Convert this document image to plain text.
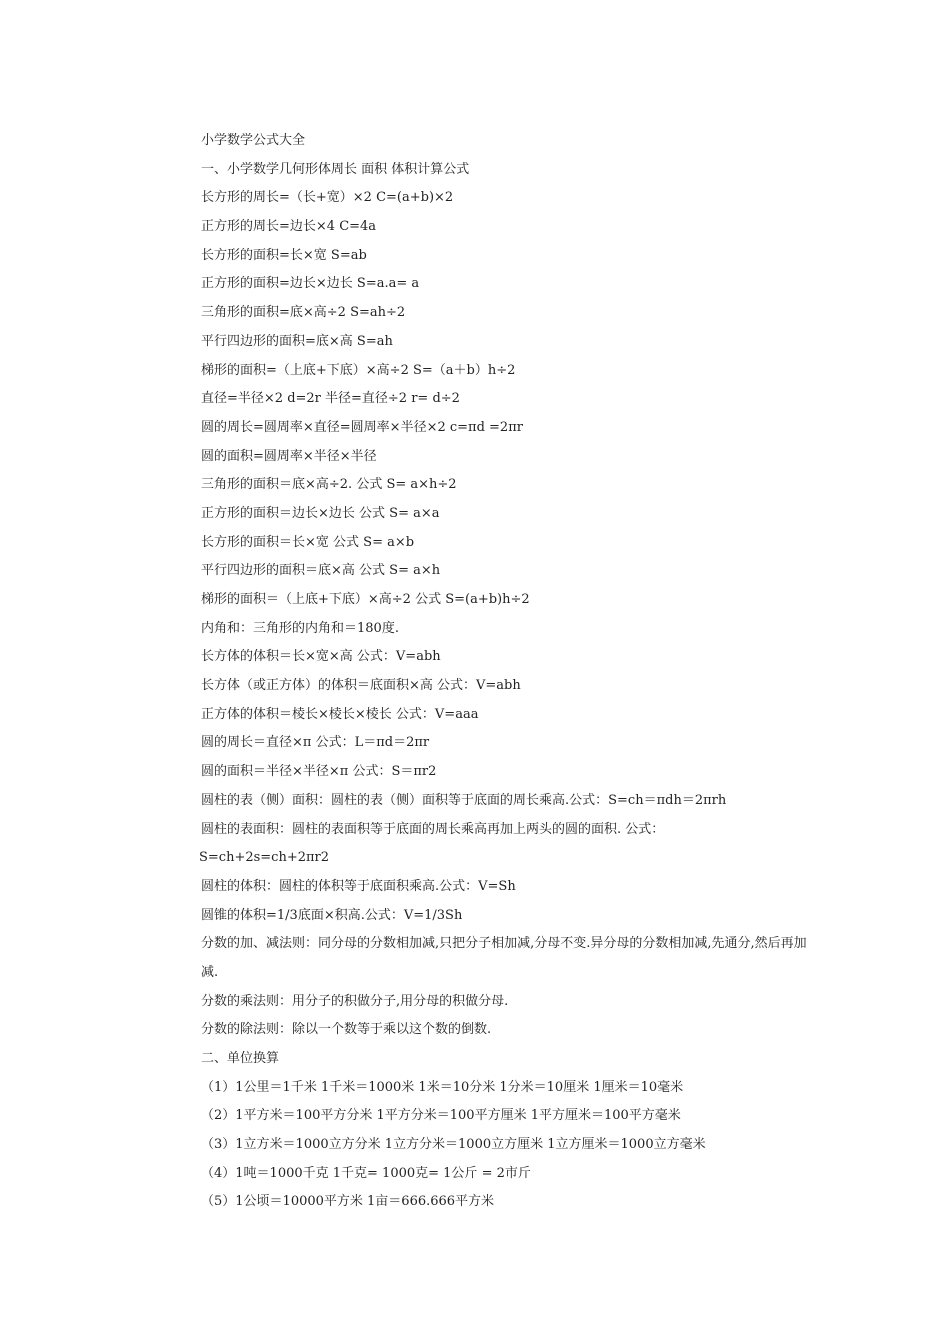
小学数学公式大全
一、小学数学几何形体周长 面积 体积计算公式
长方形的周长=（长+宽）×2 C=(a+b)×2
正方形的周长=边长×4 C=4a
长方形的面积=长×宽 S=ab
正方形的面积=边长×边长 S=a.a= a
三角形的面积=底×高÷2 S=ah÷2
平行四边形的面积=底×高 S=ah
梯形的面积=（上底+下底）×高÷2 S=（a＋b）h÷2
直径=半径×2 d=2r 半径=直径÷2 r= d÷2
圆的周长=圆周率×直径=圆周率×半径×2 c=πd =2πr
圆的面积=圆周率×半径×半径
三角形的面积＝底×高÷2. 公式 S= a×h÷2
正方形的面积＝边长×边长 公式 S= a×a
长方形的面积＝长×宽 公式 S= a×b
平行四边形的面积＝底×高 公式 S= a×h
梯形的面积＝（上底+下底）×高÷2 公式 S=(a+b)h÷2
内角和：三角形的内角和＝180度.
长方体的体积＝长×宽×高 公式：V=abh
长方体（或正方体）的体积＝底面积×高 公式：V=abh
正方体的体积＝棱长×棱长×棱长 公式：V=aaa
圆的周长＝直径×π 公式：L＝πd＝2πr
圆的面积＝半径×半径×π 公式：S＝πr2
圆柱的表（侧）面积：圆柱的表（侧）面积等于底面的周长乘高.公式：S=ch＝πdh＝2πrh
圆柱的表面积：圆柱的表面积等于底面的周长乘高再加上两头的圆的面积. 公式：
S=ch+2s=ch+2πr2
圆柱的体积：圆柱的体积等于底面积乘高.公式：V=Sh
圆锥的体积=1/3底面×积高.公式：V=1/3Sh
分数的加、减法则：同分母的分数相加减,只把分子相加减,分母不变.异分母的分数相加减,先通分,然后再加减.
分数的乘法则：用分子的积做分子,用分母的积做分母.
分数的除法则：除以一个数等于乘以这个数的倒数.
二、单位换算
（1）1公里＝1千米 1千米＝1000米 1米＝10分米 1分米＝10厘米 1厘米＝10毫米
（2）1平方米＝100平方分米 1平方分米＝100平方厘米 1平方厘米＝100平方毫米
（3）1立方米＝1000立方分米 1立方分米＝1000立方厘米 1立方厘米＝1000立方毫米
（4）1吨＝1000千克 1千克= 1000克= 1公斤 = 2市斤
（5）1公顷＝10000平方米 1亩＝666.666平方米
